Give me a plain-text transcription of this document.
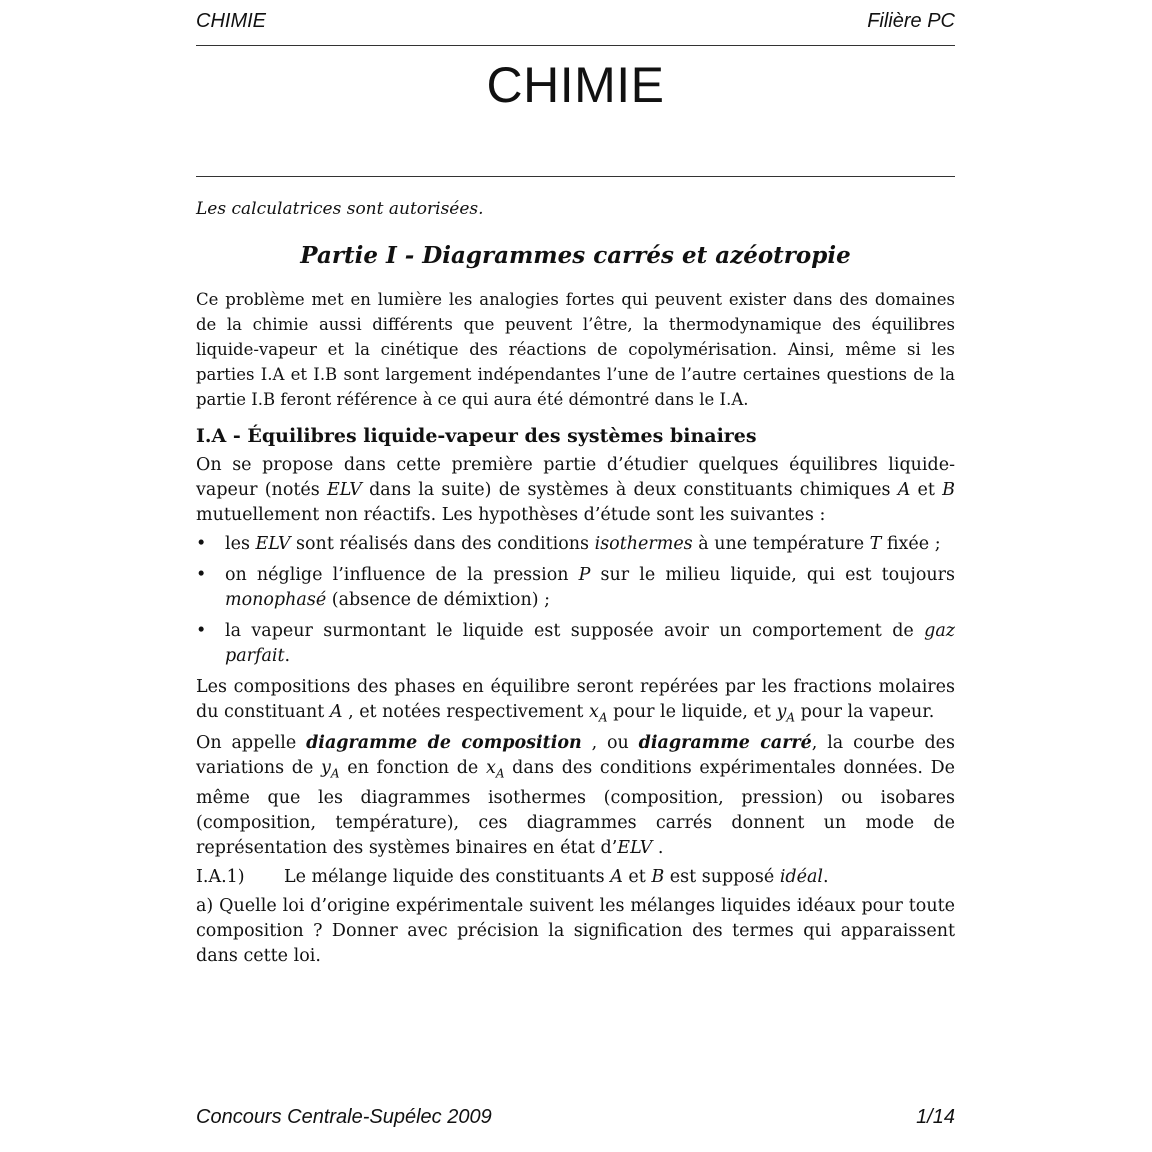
CHIMIE	Filière PC
CHIMIE
Les calculatrices sont autorisées.
Partie I - Diagrammes carrés et azéotropie

Ce problème met en lumière les analogies fortes qui peuvent exister dans des domaines de la chimie aussi différents que peuvent l’être, la thermodynamique des équilibres liquide-vapeur et la cinétique des réactions de copolymérisation. Ainsi, même si les parties I.A et I.B sont largement indépendantes l’une de l’autre certaines questions de la partie I.B feront référence à ce qui aura été démontré dans le I.A.

I.A - Équilibres liquide-vapeur des systèmes binaires

On se propose dans cette première partie d’étudier quelques équilibres liquide-vapeur (notés ELV dans la suite) de systèmes à deux constituants chimiques A et B mutuellement non réactifs. Les hypothèses d’étude sont les suivantes :

• les ELV sont réalisés dans des conditions isothermes à une température T fixée ;
• on néglige l’influence de la pression P sur le milieu liquide, qui est toujours monophasé (absence de démixtion) ;
• la vapeur surmontant le liquide est supposée avoir un comportement de gaz parfait.

Les compositions des phases en équilibre seront repérées par les fractions molaires du constituant A , et notées respectivement $x_A$ pour le liquide, et $y_A$ pour la vapeur.

On appelle diagramme de composition , ou diagramme carré, la courbe des variations de $y_A$ en fonction de $x_A$ dans des conditions expérimentales données. De même que les diagrammes isothermes (composition, pression) ou isobares (composition, température), ces diagrammes carrés donnent un mode de représentation des systèmes binaires en état d’ELV .

I.A.1) Le mélange liquide des constituants A et B est supposé idéal.

a) Quelle loi d’origine expérimentale suivent les mélanges liquides idéaux pour toute composition ? Donner avec précision la signification des termes qui apparaissent dans cette loi.

Concours Centrale-Supélec 2009	1/14
